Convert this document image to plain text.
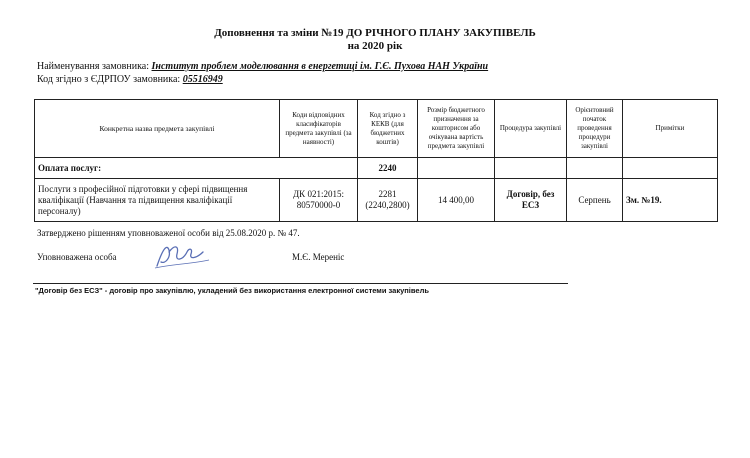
Доповнення та зміни №19 ДО РІЧНОГО ПЛАНУ ЗАКУПІВЕЛЬ
на 2020 рік
Найменування замовника: Інститут проблем моделювання в енергетиці ім. Г.Є. Пухова НАН України
Код згідно з ЄДРПОУ замовника: 05516949
Конкретна назва предмета закупівлі	Коди відповідних класифікаторів предмета закупівлі (за наявності)	Код згідно з КЕКВ (для бюджетних коштів)	Розмір бюджетного призначення за кошторисом або очікувана вартість предмета закупівлі	Процедура закупівлі	Орієнтовний початок проведення процедури закупівлі	Примітки
Оплата послуг:		2240				
Послуги з професійної підготовки у сфері підвищення кваліфікації (Навчання та підвищення кваліфікації персоналу)	ДК 021:2015: 80570000-0	2281 (2240,2800)	14 400,00	Договір, без ЕСЗ	Серпень	Зм. №19.
Затверджено рішенням уповноваженої особи від 25.08.2020 р. № 47.
Уповноважена особа	М.Є. Мереніс
"Договір без ЕСЗ" - договір про закупівлю, укладений без використання електронної системи закупівель
